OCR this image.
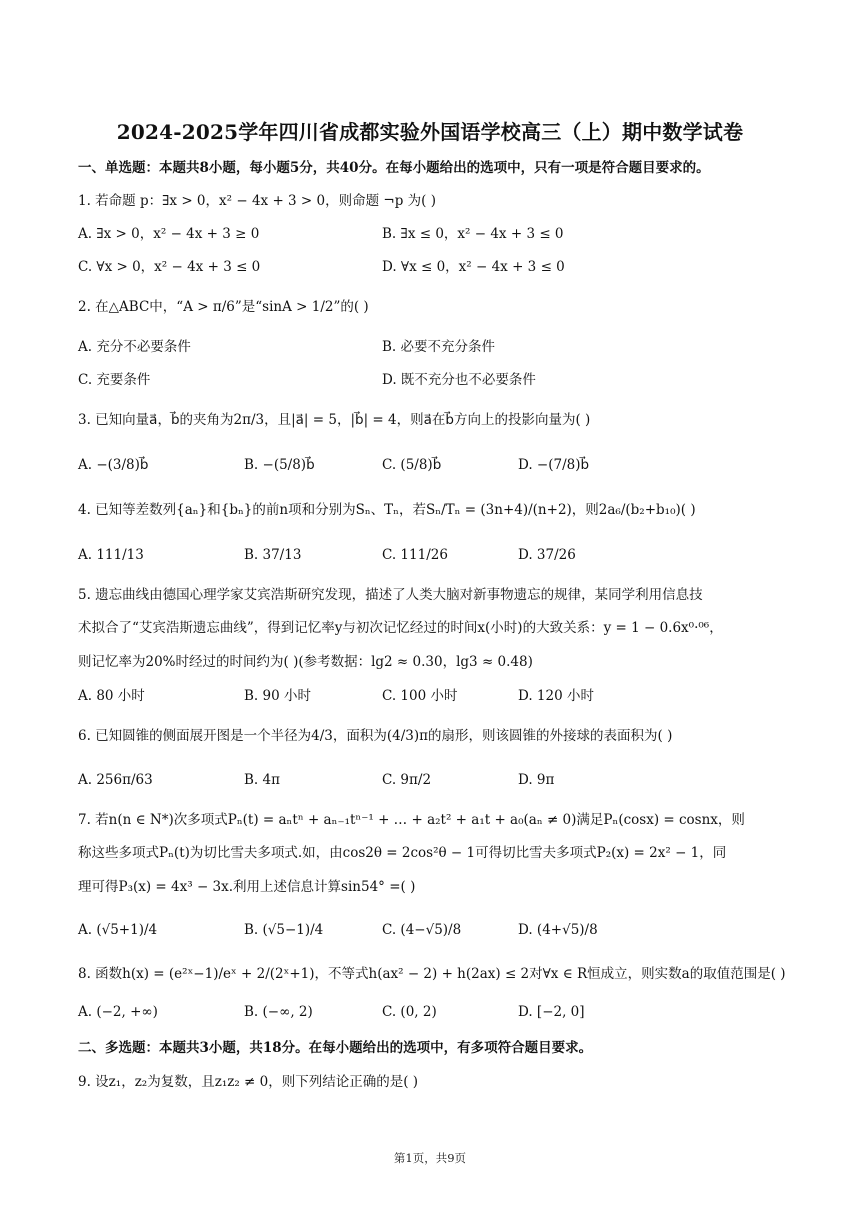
2024-2025学年四川省成都实验外国语学校高三（上）期中数学试卷
一、单选题：本题共8小题，每小题5分，共40分。在每小题给出的选项中，只有一项是符合题目要求的。
1. 若命题 p：∃x > 0，x² − 4x + 3 > 0，则命题 ¬p 为( )
A. ∃x > 0，x² − 4x + 3 ≥ 0	B. ∃x ≤ 0，x² − 4x + 3 ≤ 0
C. ∀x > 0，x² − 4x + 3 ≤ 0	D. ∀x ≤ 0，x² − 4x + 3 ≤ 0
2. 在△ABC中，“A > π/6”是“sinA > 1/2”的( )
A. 充分不必要条件	B. 必要不充分条件
C. 充要条件	D. 既不充分也不必要条件
3. 已知向量a⃗，b⃗的夹角为2π/3，且|a⃗| = 5，|b⃗| = 4，则a⃗在b⃗方向上的投影向量为( )
A. −(3/8)b⃗	B. −(5/8)b⃗	C. (5/8)b⃗	D. −(7/8)b⃗
4. 已知等差数列{aₙ}和{bₙ}的前n项和分别为Sₙ、Tₙ，若Sₙ/Tₙ = (3n+4)/(n+2)，则2a₆/(b₂+b₁₀)( )
A. 111/13	B. 37/13	C. 111/26	D. 37/26
5. 遗忘曲线由德国心理学家艾宾浩斯研究发现，描述了人类大脑对新事物遗忘的规律，某同学利用信息技
术拟合了“艾宾浩斯遗忘曲线”，得到记忆率y与初次记忆经过的时间x(小时)的大致关系：y = 1 − 0.6x⁰·⁰⁶，
则记忆率为20%时经过的时间约为( )(参考数据：lg2 ≈ 0.30，lg3 ≈ 0.48)
A. 80 小时	B. 90 小时	C. 100 小时	D. 120 小时
6. 已知圆锥的侧面展开图是一个半径为4/3，面积为(4/3)π的扇形，则该圆锥的外接球的表面积为( )
A. 256π/63	B. 4π	C. 9π/2	D. 9π
7. 若n(n ∈ N*)次多项式Pₙ(t) = aₙtⁿ + aₙ₋₁tⁿ⁻¹ + … + a₂t² + a₁t + a₀(aₙ ≠ 0)满足Pₙ(cosx) = cosnx，则
称这些多项式Pₙ(t)为切比雪夫多项式.如，由cos2θ = 2cos²θ − 1可得切比雪夫多项式P₂(x) = 2x² − 1，同
理可得P₃(x) = 4x³ − 3x.利用上述信息计算sin54° =( )
A. (√5+1)/4	B. (√5−1)/4	C. (4−√5)/8	D. (4+√5)/8
8. 函数h(x) = (e²ˣ−1)/eˣ + 2/(2ˣ+1)，不等式h(ax² − 2) + h(2ax) ≤ 2对∀x ∈ R恒成立，则实数a的取值范围是( )
A. (−2, +∞)	B. (−∞, 2)	C. (0, 2)	D. [−2, 0]
二、多选题：本题共3小题，共18分。在每小题给出的选项中，有多项符合题目要求。
9. 设z₁，z₂为复数，且z₁z₂ ≠ 0，则下列结论正确的是( )
第1页，共9页
